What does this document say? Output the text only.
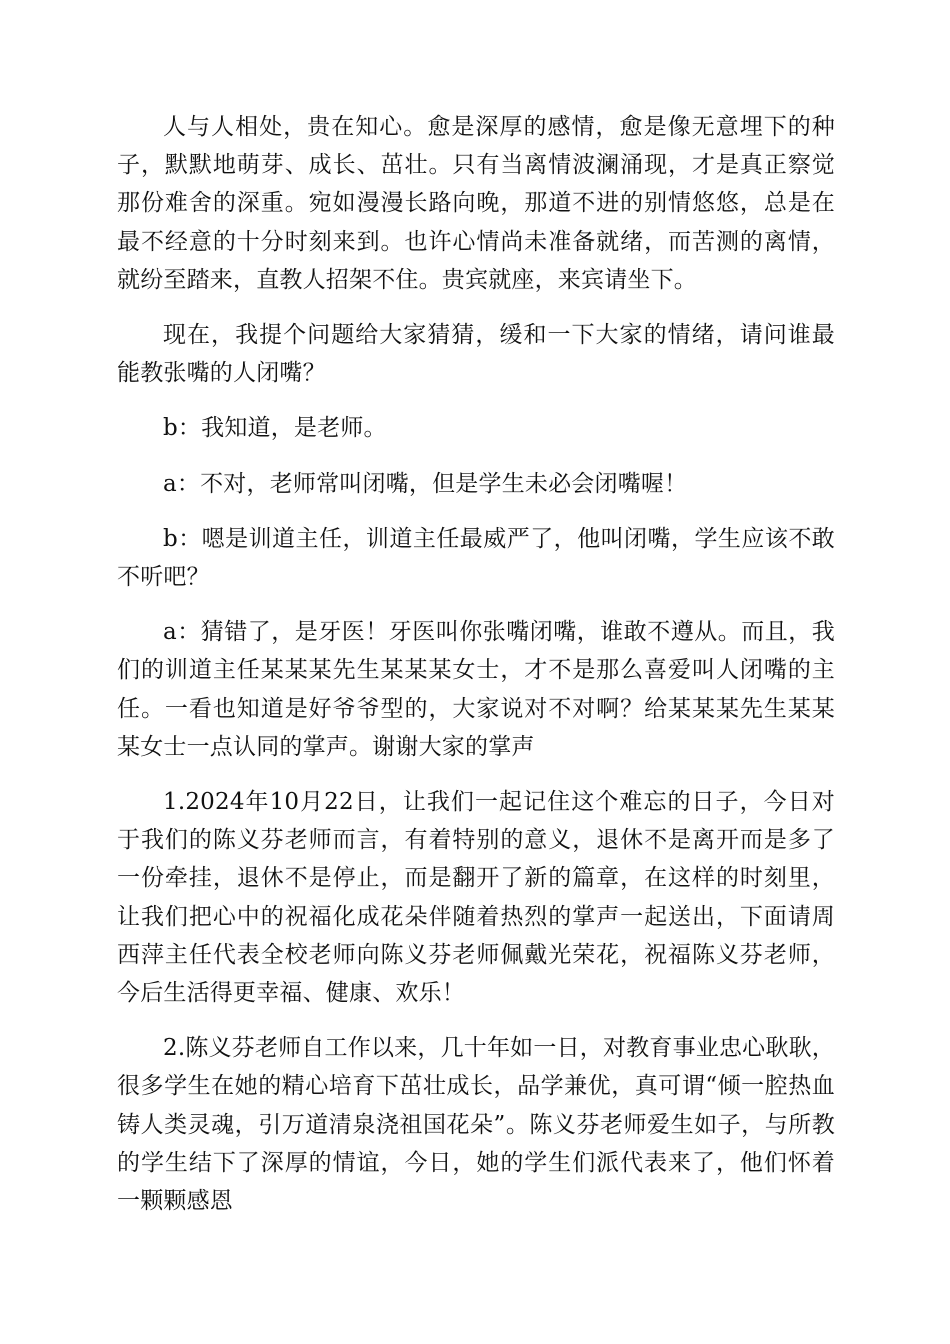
人与人相处，贵在知心。愈是深厚的感情，愈是像无意埋下的种子，默默地萌芽、成长、茁壮。只有当离情波澜涌现，才是真正察觉那份难舍的深重。宛如漫漫长路向晚，那道不进的别情悠悠，总是在最不经意的十分时刻来到。也许心情尚未准备就绪，而苦测的离情，就纷至踏来，直教人招架不住。贵宾就座，来宾请坐下。

现在，我提个问题给大家猜猜，缓和一下大家的情绪，请问谁最能教张嘴的人闭嘴？

b：我知道，是老师。

a：不对，老师常叫闭嘴，但是学生未必会闭嘴喔！

b：嗯是训道主任，训道主任最威严了，他叫闭嘴，学生应该不敢不听吧？

a：猜错了，是牙医！牙医叫你张嘴闭嘴，谁敢不遵从。而且，我们的训道主任某某某先生某某某女士，才不是那么喜爱叫人闭嘴的主任。一看也知道是好爷爷型的，大家说对不对啊？给某某某先生某某某女士一点认同的掌声。谢谢大家的掌声

1.2024年10月22日，让我们一起记住这个难忘的日子，今日对于我们的陈义芬老师而言，有着特别的意义，退休不是离开而是多了一份牵挂，退休不是停止，而是翻开了新的篇章，在这样的时刻里，让我们把心中的祝福化成花朵伴随着热烈的掌声一起送出，下面请周西萍主任代表全校老师向陈义芬老师佩戴光荣花，祝福陈义芬老师，今后生活得更幸福、健康、欢乐！

2.陈义芬老师自工作以来，几十年如一日，对教育事业忠心耿耿，很多学生在她的精心培育下茁壮成长，品学兼优，真可谓“倾一腔热血铸人类灵魂，引万道清泉浇祖国花朵”。陈义芬老师爱生如子，与所教的学生结下了深厚的情谊，今日，她的学生们派代表来了，他们怀着一颗颗感恩
